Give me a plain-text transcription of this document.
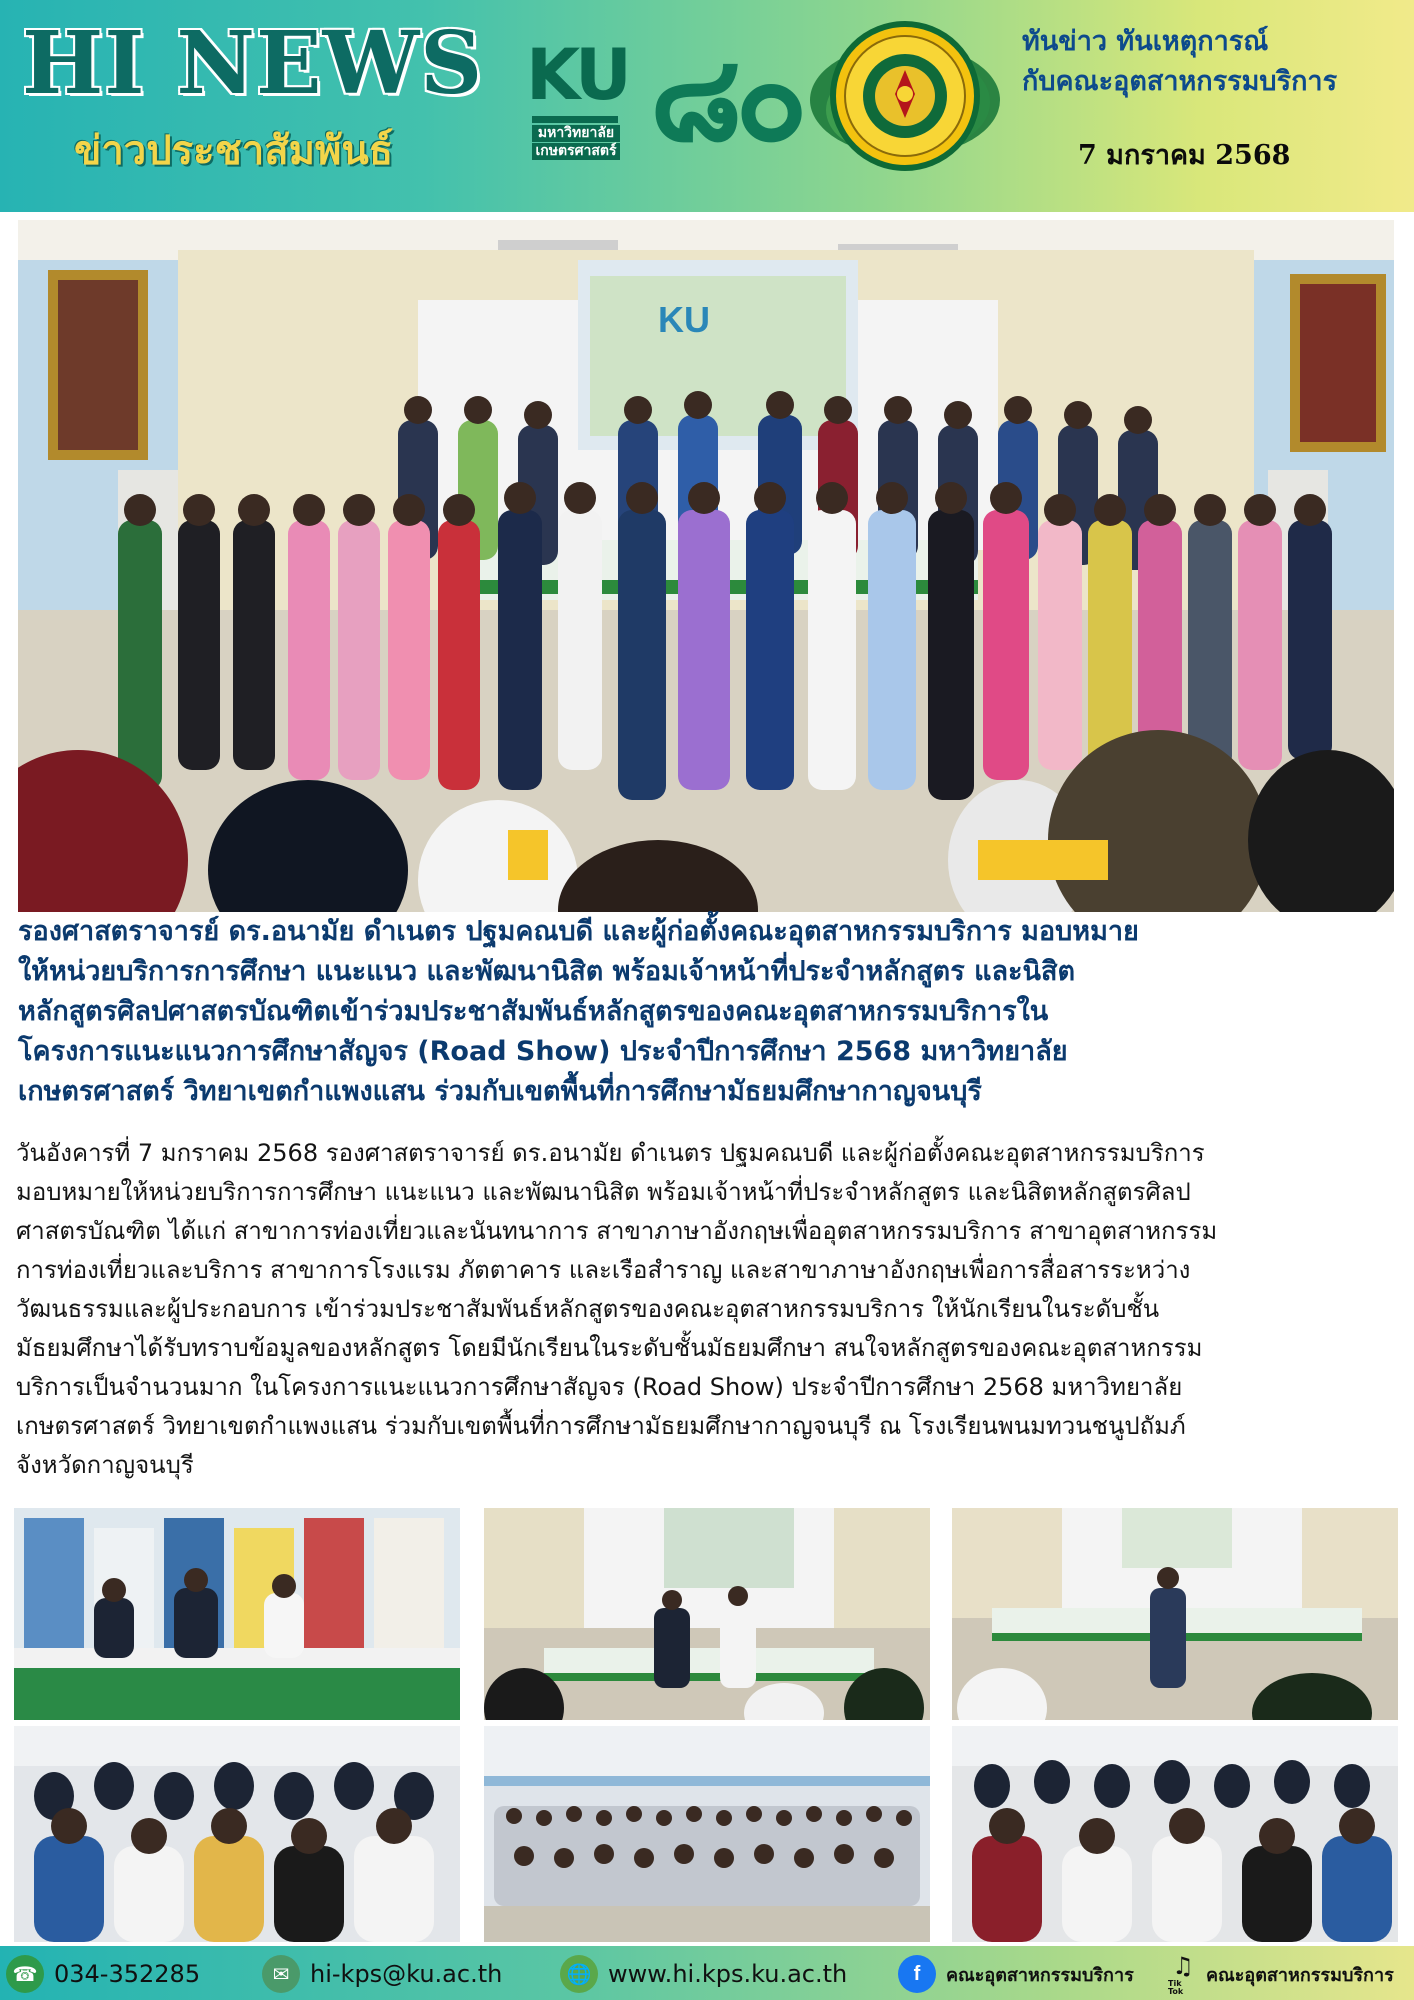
HI NEWS
ข่าวประชาสัมพันธ์
KU
มหาวิทยาลัย
เกษตรศาสตร์ ๘๐	ทันข่าว ทันเหตุการณ์
กับคณะอุตสาหกรรมบริการ
7 มกราคม 2568
KU
รองศาสตราจารย์ ดร.อนามัย ดำเนตร ปฐมคณบดี และผู้ก่อตั้งคณะอุตสาหกรรมบริการ มอบหมาย
ให้หน่วยบริการการศึกษา แนะแนว และพัฒนานิสิต พร้อมเจ้าหน้าที่ประจำหลักสูตร และนิสิต
หลักสูตรศิลปศาสตรบัณฑิตเข้าร่วมประชาสัมพันธ์หลักสูตรของคณะอุตสาหกรรมบริการใน
โครงการแนะแนวการศึกษาสัญจร (Road Show) ประจำปีการศึกษา 2568 มหาวิทยาลัย
เกษตรศาสตร์ วิทยาเขตกำแพงแสน ร่วมกับเขตพื้นที่การศึกษามัธยมศึกษากาญจนบุรี
วันอังคารที่ 7 มกราคม 2568 รองศาสตราจารย์ ดร.อนามัย ดำเนตร ปฐมคณบดี และผู้ก่อตั้งคณะอุตสาหกรรมบริการ
มอบหมายให้หน่วยบริการการศึกษา แนะแนว และพัฒนานิสิต พร้อมเจ้าหน้าที่ประจำหลักสูตร และนิสิตหลักสูตรศิลป
ศาสตรบัณฑิต ได้แก่ สาขาการท่องเที่ยวและนันทนาการ สาขาภาษาอังกฤษเพื่ออุตสาหกรรมบริการ สาขาอุตสาหกรรม
การท่องเที่ยวและบริการ สาขาการโรงแรม ภัตตาคาร และเรือสำราญ และสาขาภาษาอังกฤษเพื่อการสื่อสารระหว่าง
วัฒนธรรมและผู้ประกอบการ เข้าร่วมประชาสัมพันธ์หลักสูตรของคณะอุตสาหกรรมบริการ ให้นักเรียนในระดับชั้น
มัธยมศึกษาได้รับทราบข้อมูลของหลักสูตร โดยมีนักเรียนในระดับชั้นมัธยมศึกษา สนใจหลักสูตรของคณะอุตสาหกรรม
บริการเป็นจำนวนมาก ในโครงการแนะแนวการศึกษาสัญจร (Road Show) ประจำปีการศึกษา 2568 มหาวิทยาลัย
เกษตรศาสตร์ วิทยาเขตกำแพงแสน ร่วมกับเขตพื้นที่การศึกษามัธยมศึกษากาญจนบุรี ณ โรงเรียนพนมทวนชนูปถัมภ์
จังหวัดกาญจนบุรี
☎ 034-352285	✉ hi-kps@ku.ac.th	🌐 www.hi.kps.ku.ac.th	f	คณะอุตสาหกรรมบริการ ♫
Tik Tok
คณะอุตสาหกรรมบริการ
